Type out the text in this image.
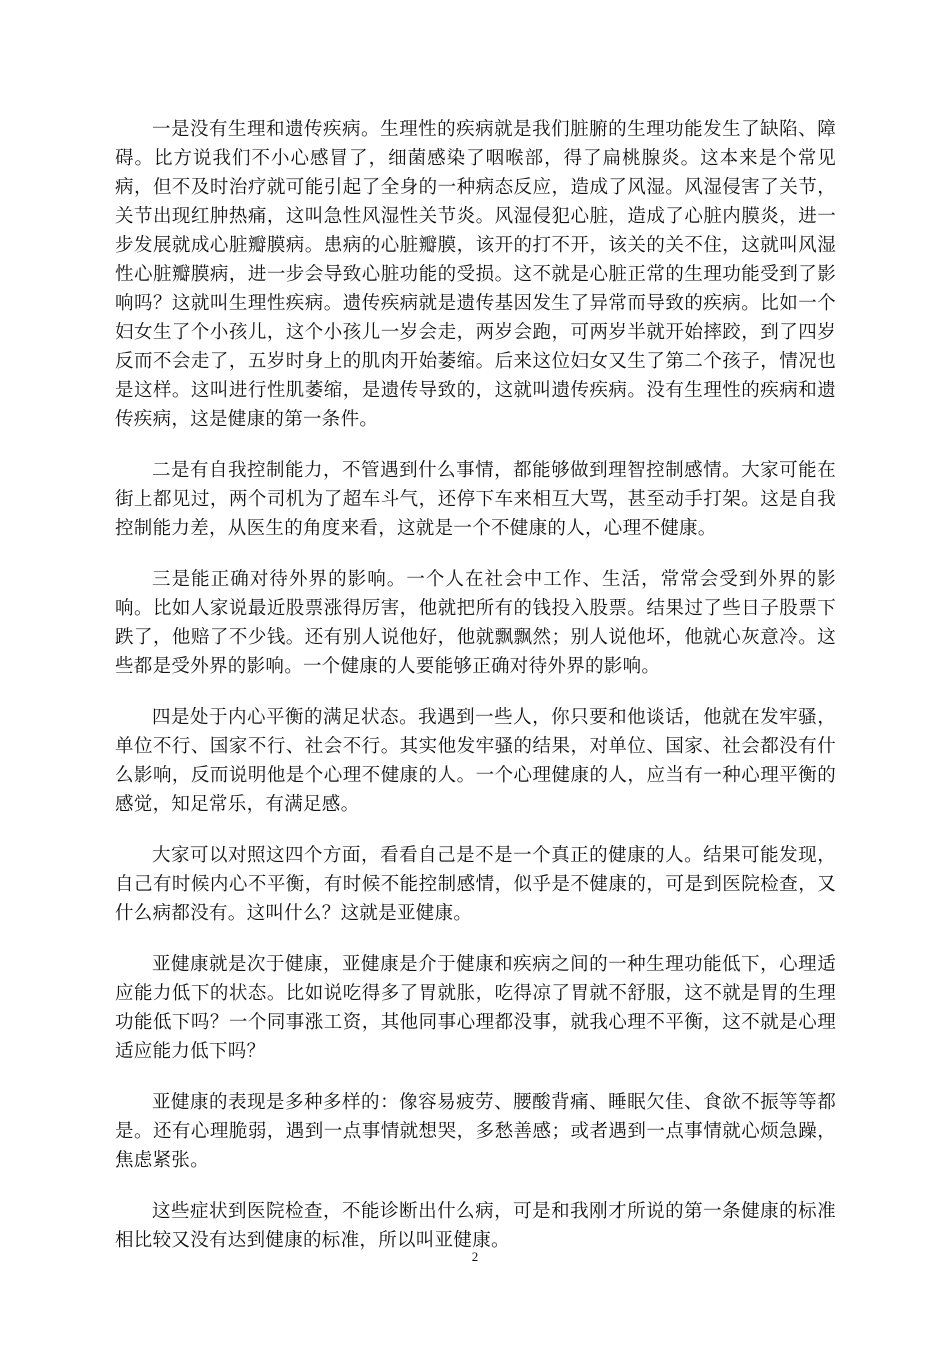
一是没有生理和遗传疾病。生理性的疾病就是我们脏腑的生理功能发生了缺陷、障碍。比方说我们不小心感冒了，细菌感染了咽喉部，得了扁桃腺炎。这本来是个常见病，但不及时治疗就可能引起了全身的一种病态反应，造成了风湿。风湿侵害了关节，关节出现红肿热痛，这叫急性风湿性关节炎。风湿侵犯心脏，造成了心脏内膜炎，进一步发展就成心脏瓣膜病。患病的心脏瓣膜，该开的打不开，该关的关不住，这就叫风湿性心脏瓣膜病，进一步会导致心脏功能的受损。这不就是心脏正常的生理功能受到了影响吗？这就叫生理性疾病。遗传疾病就是遗传基因发生了异常而导致的疾病。比如一个妇女生了个小孩儿，这个小孩儿一岁会走，两岁会跑，可两岁半就开始摔跤，到了四岁反而不会走了，五岁时身上的肌肉开始萎缩。后来这位妇女又生了第二个孩子，情况也是这样。这叫进行性肌萎缩，是遗传导致的，这就叫遗传疾病。没有生理性的疾病和遗传疾病，这是健康的第一条件。

二是有自我控制能力，不管遇到什么事情，都能够做到理智控制感情。大家可能在街上都见过，两个司机为了超车斗气，还停下车来相互大骂，甚至动手打架。这是自我控制能力差，从医生的角度来看，这就是一个不健康的人，心理不健康。

三是能正确对待外界的影响。一个人在社会中工作、生活，常常会受到外界的影响。比如人家说最近股票涨得厉害，他就把所有的钱投入股票。结果过了些日子股票下跌了，他赔了不少钱。还有别人说他好，他就飘飘然；别人说他坏，他就心灰意冷。这些都是受外界的影响。一个健康的人要能够正确对待外界的影响。

四是处于内心平衡的满足状态。我遇到一些人，你只要和他谈话，他就在发牢骚，单位不行、国家不行、社会不行。其实他发牢骚的结果，对单位、国家、社会都没有什么影响，反而说明他是个心理不健康的人。一个心理健康的人，应当有一种心理平衡的感觉，知足常乐，有满足感。

大家可以对照这四个方面，看看自己是不是一个真正的健康的人。结果可能发现，自己有时候内心不平衡，有时候不能控制感情，似乎是不健康的，可是到医院检查，又什么病都没有。这叫什么？这就是亚健康。

亚健康就是次于健康，亚健康是介于健康和疾病之间的一种生理功能低下，心理适应能力低下的状态。比如说吃得多了胃就胀，吃得凉了胃就不舒服，这不就是胃的生理功能低下吗？一个同事涨工资，其他同事心理都没事，就我心理不平衡，这不就是心理适应能力低下吗？

亚健康的表现是多种多样的：像容易疲劳、腰酸背痛、睡眠欠佳、食欲不振等等都是。还有心理脆弱，遇到一点事情就想哭，多愁善感；或者遇到一点事情就心烦急躁，焦虑紧张。

这些症状到医院检查，不能诊断出什么病，可是和我刚才所说的第一条健康的标准相比较又没有达到健康的标准，所以叫亚健康。

2
